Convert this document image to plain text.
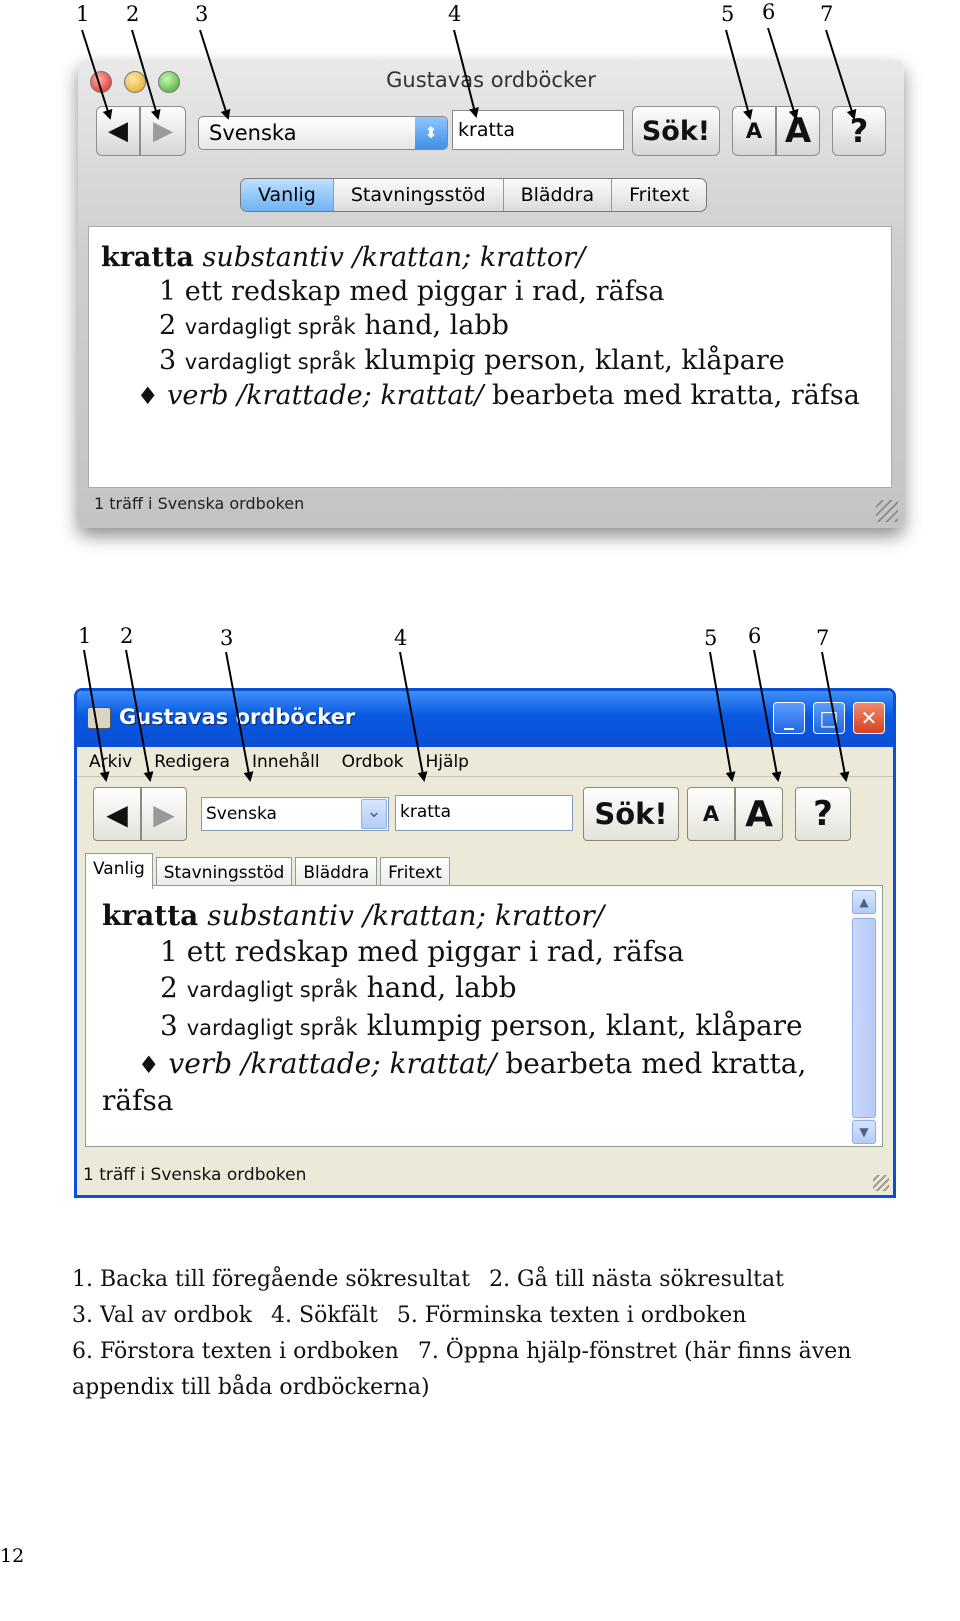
1 2	3	4	5 6 7
Gustavas ordböcker
◀ ▶	Svenska	⬍	kratta	Sök!	A A	?
Vanlig	Stavningsstöd	Bläddra	Fritext
kratta substantiv /krattan; krattor/
1 ett redskap med piggar i rad, räfsa
2 vardagligt språk hand, labb
3 vardagligt språk klumpig person, klant, klåpare
♦ verb /krattade; krattat/ bearbeta med kratta, räfsa
1 träff i Svenska ordboken
1 2	3	4	5 6	7
Gustavas ordböcker	_ □ ✕
Arkiv	Redigera	Innehåll	Ordbok	Hjälp
◀ ▶ Svenska	⌄	kratta	Sök!	A A	?
Vanlig	Stavningsstöd	Bläddra	Fritext
kratta substantiv /krattan; krattor/
1 ett redskap med piggar i rad, räfsa
2 vardagligt språk hand, labb
3 vardagligt språk klumpig person, klant, klåpare
♦ verb /krattade; krattat/ bearbeta med kratta,
räfsa
▲
▼
1 träff i Svenska ordboken
1. Backa till föregående sökresultat 2. Gå till nästa sökresultat 3. Val av ordbok 4. Sökfält 5. Förminska texten i ordboken 6. Förstora texten i ordboken 7. Öppna hjälp-fönstret (här finns även appendix till båda ordböckerna)
12
